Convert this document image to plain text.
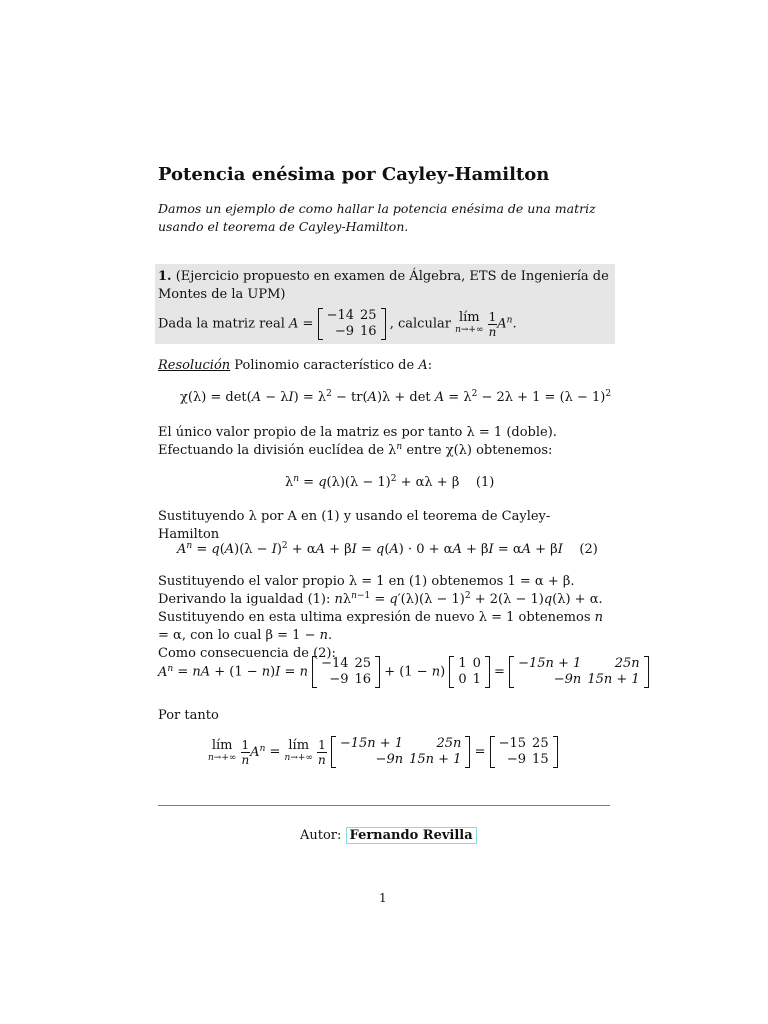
Potencia enésima por Cayley-Hamilton
Damos un ejemplo de como hallar la potencia enésima de una matriz usando el teorema de Cayley-Hamilton.
1. (Ejercicio propuesto en examen de Álgebra, ETS de Ingeniería de Montes de la UPM)
Dada la matriz real A =
−14	25
−9	16 , calcular lím
n→+∞
$\frac{1}{n} A^n$.
Resolución Polinomio característico de A:
$\chi(\lambda) = \det(A - \lambda I) = \lambda^2 - tr(A)\lambda + \det A = \lambda^2 - 2\lambda + 1 = (\lambda - 1)^2$
El único valor propio de la matriz es por tanto λ = 1 (doble). Efectuando la división euclídea de $\lambda^n$ entre χ(λ) obtenemos:
$\lambda^n = q(\lambda)(\lambda - 1)^2 + \alpha\lambda + \beta$    (1)
Sustituyendo λ por A en (1) y usando el teorema de Cayley-Hamilton
$A^n = q(A)(\lambda - I)^2 + \alpha A + \beta I = q(A) \cdot 0 + \alpha A + \beta I = \alpha A + \beta I$ (2)
Sustituyendo el valor propio λ = 1 en (1) obtenemos 1 = α + β. Derivando la igualdad (1): $n\lambda^{n-1} = q'(\lambda)(\lambda - 1)^2 + 2(\lambda - 1)q(\lambda) + \alpha$. Sustituyendo en esta ultima expresión de nuevo λ = 1 obtenemos n = α, con lo cual β = 1 − n.
Como consecuencia de (2):
$A^n$ = nA + (1 − n)I = n
−14	25
−9	16 + (1 − n)
1	0
0	1 =
−15n + 1	25n
−9n	15n + 1
Por tanto
lím
n→+∞
$\frac{1}{n} A^n$ = lím
n→+∞
$\frac{1}{n}$
−15n + 1	25n
−9n	15n + 1 =
−15	25
−9	15
Autor: Fernando Revilla
1
